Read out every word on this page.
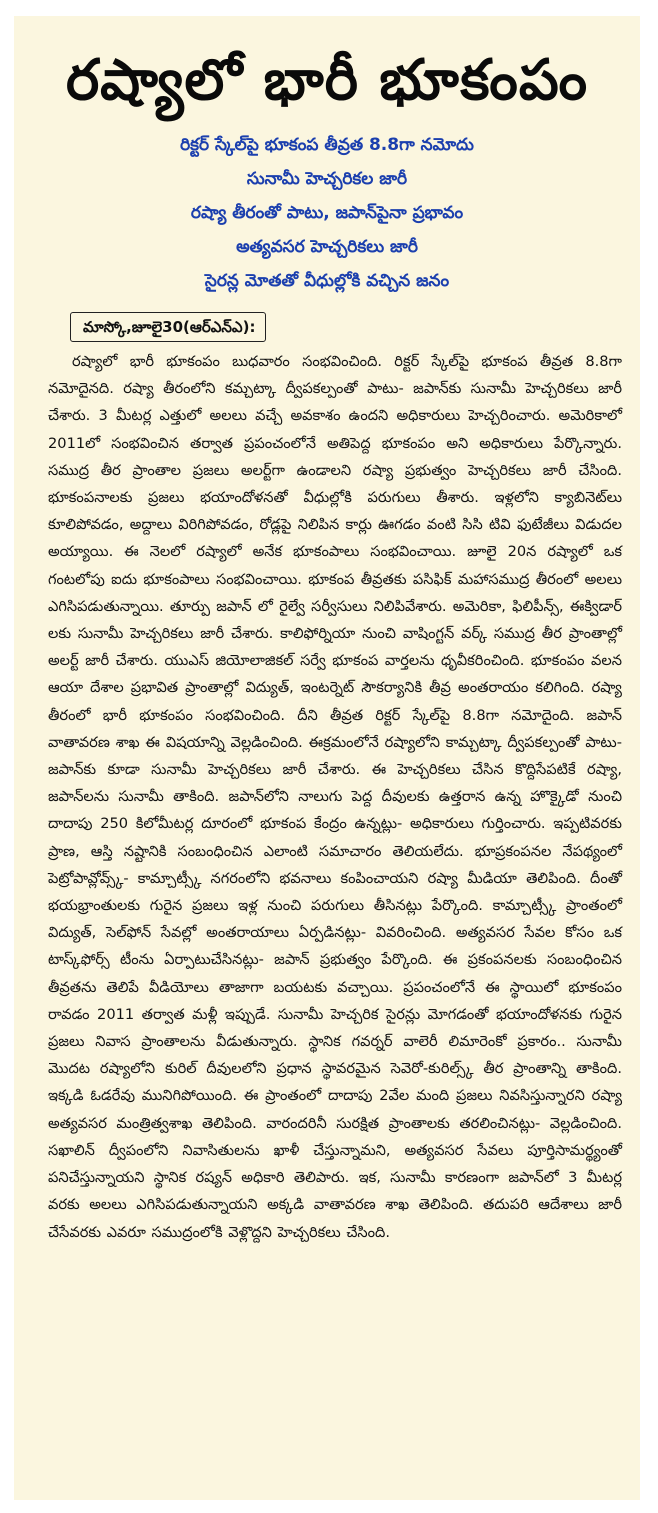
రష్యాలో భారీ భూకంపం
రిక్టర్ స్కేల్‌పై భూకంప తీవ్రత 8.8గా నమోదు
సునామీ హెచ్చరికల జారీ
రష్యా తీరంతో పాటు, జపాన్‌పైనా ప్రభావం
అత్యవసర హెచ్చరికలు జారీ
సైరన్ల మోతతో వీధుల్లోకి వచ్చిన జనం
మాస్కో,జూలై30(ఆర్ఎన్ఎ):

రష్యాలో భారీ భూకంపం బుధవారం సంభవించింది. రిక్టర్ స్కేల్‌పై భూకంప తీవ్రత 8.8గా నమోదైనది. రష్యా తీరంలోని కమ్చట్కా ద్వీపకల్పంతో పాటు- జపాన్‌కు సునామీ హెచ్చరికలు జారీ చేశారు. 3 మీటర్ల ఎత్తులో అలలు వచ్చే అవకాశం ఉందని అధికారులు హెచ్చరించారు. అమెరికాలో 2011లో సంభవించిన తర్వాత ప్రపంచంలోనే అతిపెద్ద భూకంపం అని అధికారులు పేర్కొన్నారు. సముద్ర తీర ప్రాంతాల ప్రజలు అలర్ట్‌గా ఉండాలని రష్యా ప్రభుత్వం హెచ్చరికలు జారీ చేసింది. భూకంపనాలకు ప్రజలు భయాందోళనతో వీధుల్లోకి పరుగులు తీశారు. ఇళ్లలోని క్యాబినెట్‌లు కూలిపోవడం, అద్దాలు విరిగిపోవడం, రోడ్లపై నిలిపిన కార్లు ఊగడం వంటి సిసి టివి ఫుటేజీలు విడుదల అయ్యాయి. ఈ నెలలో రష్యాలో అనేక భూకంపాలు సంభవించాయి. జూలై 20న రష్యాలో ఒక గంటలోపు ఐదు భూకంపాలు సంభవించాయి. భూకంప తీవ్రతకు పసిఫిక్ మహాసముద్ర తీరంలో అలలు ఎగిసిపడుతున్నాయి. తూర్పు జపాన్ లో రైల్వే సర్వీసులు నిలిపివేశారు. అమెరికా, ఫిలిపీన్స్, ఈక్విడార్ లకు సునామీ హెచ్చరికలు జారీ చేశారు. కాలిఫోర్నియా నుంచి వాషింగ్టన్ వర్క్ సముద్ర తీర ప్రాంతాల్లో అలర్ట్ జారీ చేశారు. యుఎస్ జియోలాజికల్ సర్వే భూకంప వార్తలను ధృవీకరించింది. భూకంపం వలన ఆయా దేశాల ప్రభావిత ప్రాంతాల్లో విద్యుత్, ఇంటర్నెట్ సౌకర్యానికి తీవ్ర అంతరాయం కలిగింది. రష్యా తీరంలో భారీ భూకంపం సంభవించింది. దీని తీవ్రత రిక్టర్ స్కేల్‌పై 8.8గా నమోదైంది. జపాన్ వాతావరణ శాఖ ఈ విషయాన్ని వెల్లడించింది. ఈక్రమంలోనే రష్యాలోని కామ్చట్కా ద్వీపకల్పంతో పాటు- జపాన్‌కు కూడా సునామీ హెచ్చరికలు జారీ చేశారు. ఈ హెచ్చరికలు చేసిన కొద్దిసేపటికే రష్యా, జపాన్‌లను సునామీ తాకింది. జపాన్‌లోని నాలుగు పెద్ద దీవులకు ఉత్తరాన ఉన్న హొక్కైడో నుంచి దాదాపు 250 కిలోమీటర్ల దూరంలో భూకంప కేంద్రం ఉన్నట్లు- అధికారులు గుర్తించారు. ఇప్పటివరకు ప్రాణ, ఆస్తి నష్టానికి సంబంధించిన ఎలాంటి సమాచారం తెలియలేదు. భూప్రకంపనల నేపథ్యంలో పెట్రోపావ్లోవ్స్క్- కామ్చాట్స్కీ నగరంలోని భవనాలు కంపించాయని రష్యా మీడియా తెలిపింది. దీంతో భయభ్రాంతులకు గురైన ప్రజలు ఇళ్ల నుంచి పరుగులు తీసినట్లు పేర్కొంది. కామ్చాట్స్కీ ప్రాంతంలో విద్యుత్, సెల్‌ఫోన్ సేవల్లో అంతరాయాలు ఏర్పడినట్లు- వివరించింది. అత్యవసర సేవల కోసం ఒక టాస్క్‌ఫోర్స్ టీంను ఏర్పాటుచేసినట్లు- జపాన్ ప్రభుత్వం పేర్కొంది. ఈ ప్రకంపనలకు సంబంధించిన తీవ్రతను తెలిపే వీడియోలు తాజాగా బయటకు వచ్చాయి. ప్రపంచంలోనే ఈ స్థాయిలో భూకంపం రావడం 2011 తర్వాత మళ్లీ ఇప్పుడే. సునామీ హెచ్చరిక సైరన్లు మోగడంతో భయాందోళనకు గురైన ప్రజలు నివాస ప్రాంతాలను వీడుతున్నారు. స్థానిక గవర్నర్ వాలెరీ లిమారెంకో ప్రకారం.. సునామీ మొదట రష్యాలోని కురిల్ దీవులలోని ప్రధాన స్థావరమైన సెవెరో-కురిల్స్క్ తీర ప్రాంతాన్ని తాకింది. ఇక్కడి ఓడరేవు మునిగిపోయింది. ఈ ప్రాంతంలో దాదాపు 2వేల మంది ప్రజలు నివసిస్తున్నారని రష్యా అత్యవసర మంత్రిత్వశాఖ తెలిపింది. వారందరినీ సురక్షిత ప్రాంతాలకు తరలించినట్లు- వెల్లడించింది. సఖాలిన్ ద్వీపంలోని నివాసితులను ఖాళీ చేస్తున్నామని, అత్యవసర సేవలు పూర్తిసామర్థ్యంతో పనిచేస్తున్నాయని స్థానిక రష్యన్ అధికారి తెలిపారు. ఇక, సునామీ కారణంగా జపాన్‌లో 3 మీటర్ల వరకు అలలు ఎగిసిపడుతున్నాయని అక్కడి వాతావరణ శాఖ తెలిపింది. తదుపరి ఆదేశాలు జారీ చేసేవరకు ఎవరూ సముద్రంలోకి వెళ్లొద్దని హెచ్చరికలు చేసింది.
